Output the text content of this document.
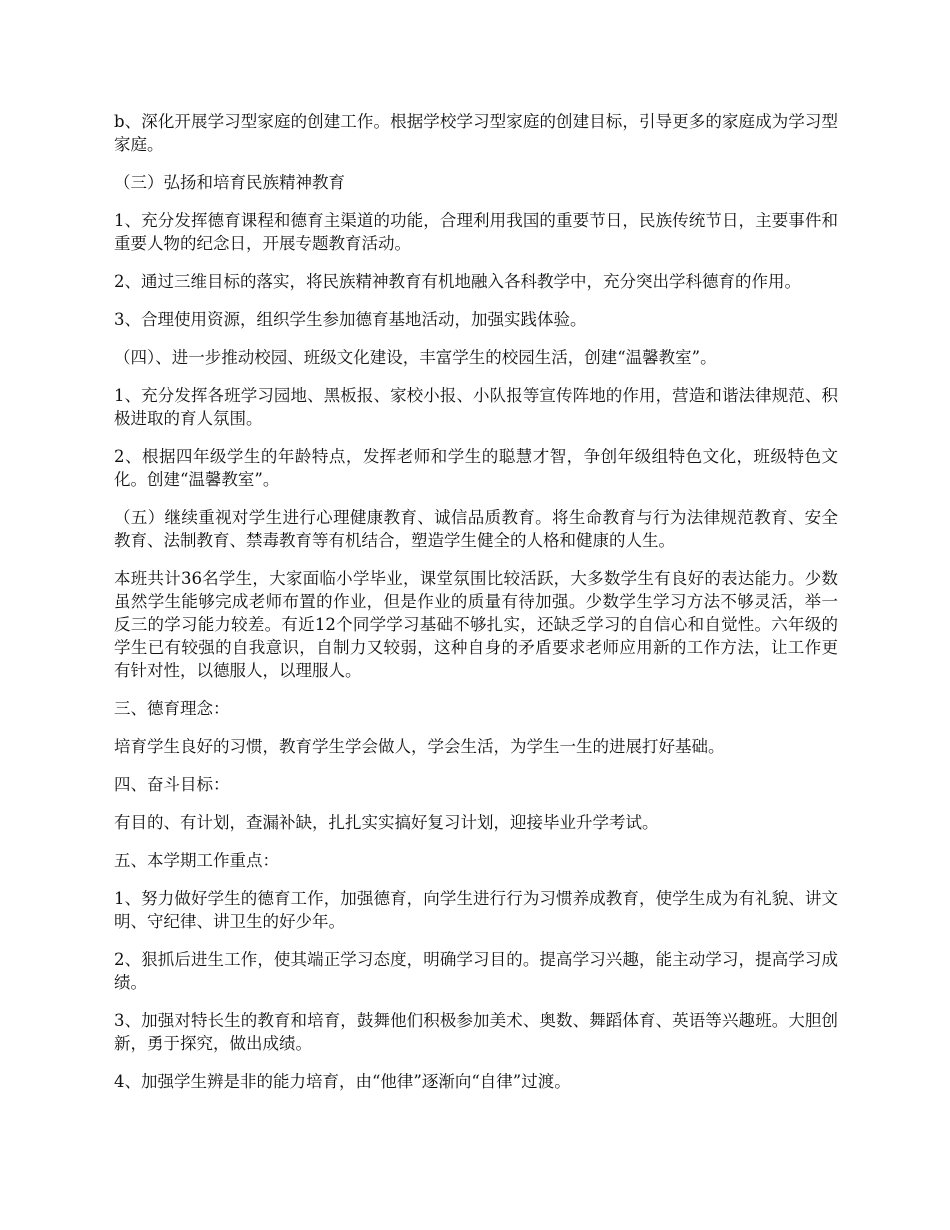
b、深化开展学习型家庭的创建工作。根据学校学习型家庭的创建目标，引导更多的家庭成为学习型家庭。

（三）弘扬和培育民族精神教育

1、充分发挥德育课程和德育主渠道的功能，合理利用我国的重要节日，民族传统节日，主要事件和重要人物的纪念日，开展专题教育活动。

2、通过三维目标的落实，将民族精神教育有机地融入各科教学中，充分突出学科德育的作用。

3、合理使用资源，组织学生参加德育基地活动，加强实践体验。

（四）、进一步推动校园、班级文化建设，丰富学生的校园生活，创建“温馨教室”。

1、充分发挥各班学习园地、黑板报、家校小报、小队报等宣传阵地的作用，营造和谐法律规范、积极进取的育人氛围。

2、根据四年级学生的年龄特点，发挥老师和学生的聪慧才智，争创年级组特色文化，班级特色文化。创建“温馨教室”。

（五）继续重视对学生进行心理健康教育、诚信品质教育。将生命教育与行为法律规范教育、安全教育、法制教育、禁毒教育等有机结合，塑造学生健全的人格和健康的人生。

本班共计36名学生，大家面临小学毕业，课堂氛围比较活跃，大多数学生有良好的表达能力。少数虽然学生能够完成老师布置的作业，但是作业的质量有待加强。少数学生学习方法不够灵活，举一反三的学习能力较差。有近12个同学学习基础不够扎实，还缺乏学习的自信心和自觉性。六年级的学生已有较强的自我意识，自制力又较弱，这种自身的矛盾要求老师应用新的工作方法，让工作更有针对性，以德服人，以理服人。

三、德育理念：

培育学生良好的习惯，教育学生学会做人，学会生活，为学生一生的进展打好基础。

四、奋斗目标：

有目的、有计划，查漏补缺，扎扎实实搞好复习计划，迎接毕业升学考试。

五、本学期工作重点：

1、努力做好学生的德育工作，加强德育，向学生进行行为习惯养成教育，使学生成为有礼貌、讲文明、守纪律、讲卫生的好少年。

2、狠抓后进生工作，使其端正学习态度，明确学习目的。提高学习兴趣，能主动学习，提高学习成绩。

3、加强对特长生的教育和培育，鼓舞他们积极参加美术、奥数、舞蹈体育、英语等兴趣班。大胆创新，勇于探究，做出成绩。

4、加强学生辨是非的能力培育，由“他律”逐渐向“自律”过渡。
